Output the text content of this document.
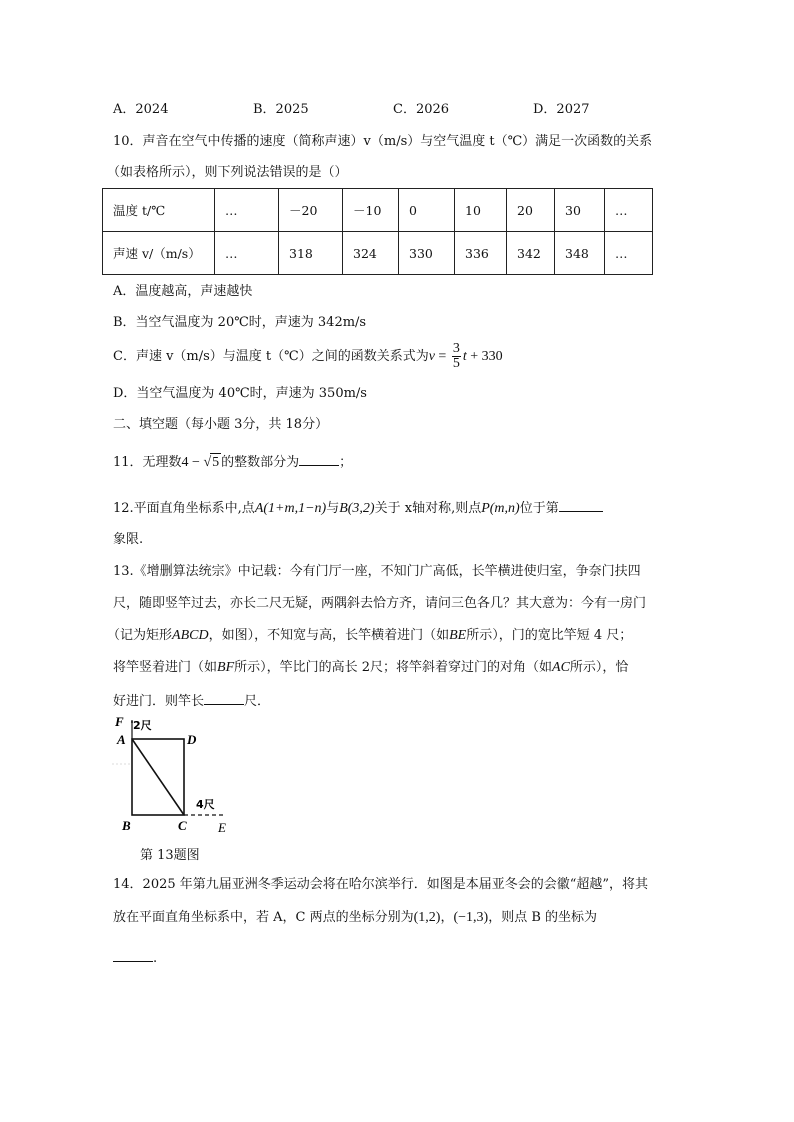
A．2024	B．2025	C．2026	D．2027
10．声音在空气中传播的速度（简称声速）v（m/s）与空气温度 t（℃）满足一次函数的关系
（如表格所示），则下列说法错误的是（）
温度 t/℃	…	－20	－10	0	10	20	30	…
声速 v/（m/s）	…	318	324	330	336	342	348	…
A．温度越高，声速越快
B．当空气温度为 20℃时，声速为 342m/s
C．声速 v（m/s）与温度 t（℃）之间的函数关系式为$v = \frac{3}{5}$ t + 330
D．当空气温度为 40℃时，声速为 350m/s
二、填空题（每小题 3分，共 18分）
11．无理数4 − √5 的整数部分为	；
12.平面直角坐标系中,点A(1+m,1−n)与B(3,2)关于 x轴对称,则点P(m,n)位于第
象限.
13.《增删算法统宗》中记载：今有门厅一座，不知门广高低，长竿横进使归室，争奈门扶四
尺，随即竖竿过去，亦长二尺无疑，两隅斜去恰方齐，请问三色各几？其大意为：今有一房门
（记为矩形ABCD，如图），不知宽与高，长竿横着进门（如BE所示），门的宽比竿短 4 尺；
将竿竖着进门（如BF所示），竿比门的高长 2尺；将竿斜着穿过门的对角（如AC所示），恰
好进门．则竿长	尺．
F 2尺
A	D
4尺
B	C E
第 13题图
14．2025 年第九届亚洲冬季运动会将在哈尔滨举行．如图是本届亚冬会的会徽“超越”，将其
放在平面直角坐标系中，若 A，C 两点的坐标分别为(1,2)，(−1,3)，则点 B 的坐标为
.
